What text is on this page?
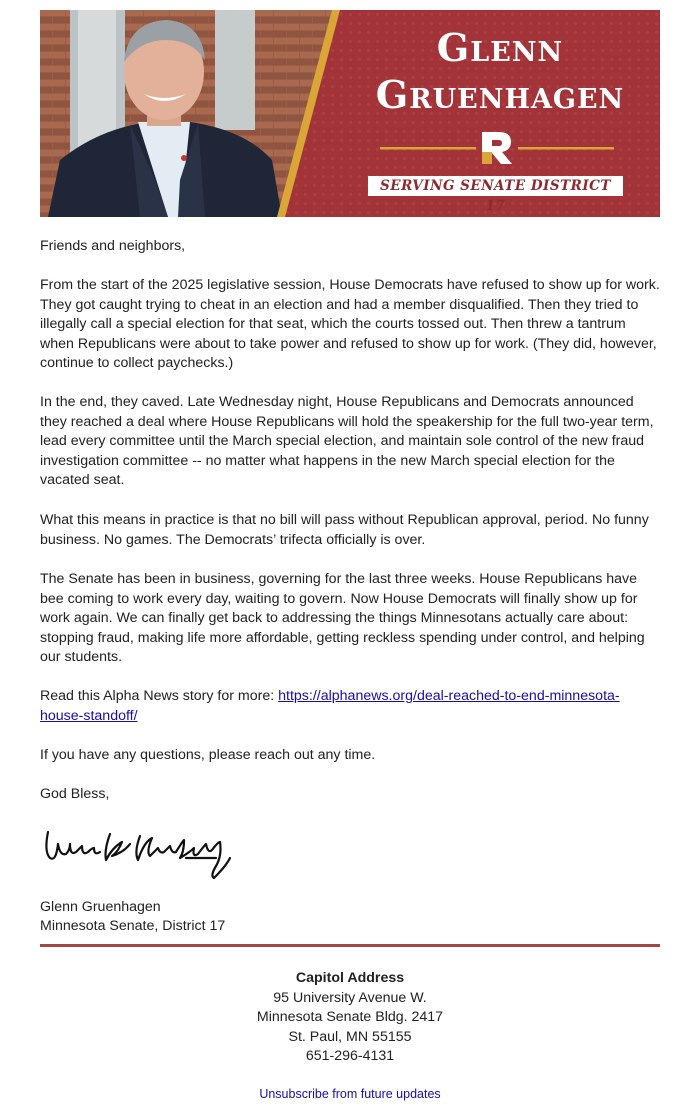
Glenn
Gruenhagen
SERVING SENATE DISTRICT 17

Friends and neighbors,

From the start of the 2025 legislative session, House Democrats have refused to show up for work. They got caught trying to cheat in an election and had a member disqualified. Then they tried to illegally call a special election for that seat, which the courts tossed out. Then threw a tantrum when Republicans were about to take power and refused to show up for work. (They did, however, continue to collect paychecks.)

In the end, they caved. Late Wednesday night, House Republicans and Democrats announced they reached a deal where House Republicans will hold the speakership for the full two-year term, lead every committee until the March special election, and maintain sole control of the new fraud investigation committee -- no matter what happens in the new March special election for the vacated seat.

What this means in practice is that no bill will pass without Republican approval, period. No funny business. No games. The Democrats’ trifecta officially is over.

The Senate has been in business, governing for the last three weeks. House Republicans have bee coming to work every day, waiting to govern. Now House Democrats will finally show up for work again. We can finally get back to addressing the things Minnesotans actually care about: stopping fraud, making life more affordable, getting reckless spending under control, and helping our students.

Read this Alpha News story for more: https://alphanews.org/deal-reached-to-end-minnesota-house-standoff/

If you have any questions, please reach out any time.

God Bless,

Glenn Gruenhagen

Minnesota Senate, District 17

Capitol Address
95 University Avenue W.
Minnesota Senate Bldg. 2417
St. Paul, MN 55155
651-296-4131
Unsubscribe from future updates
